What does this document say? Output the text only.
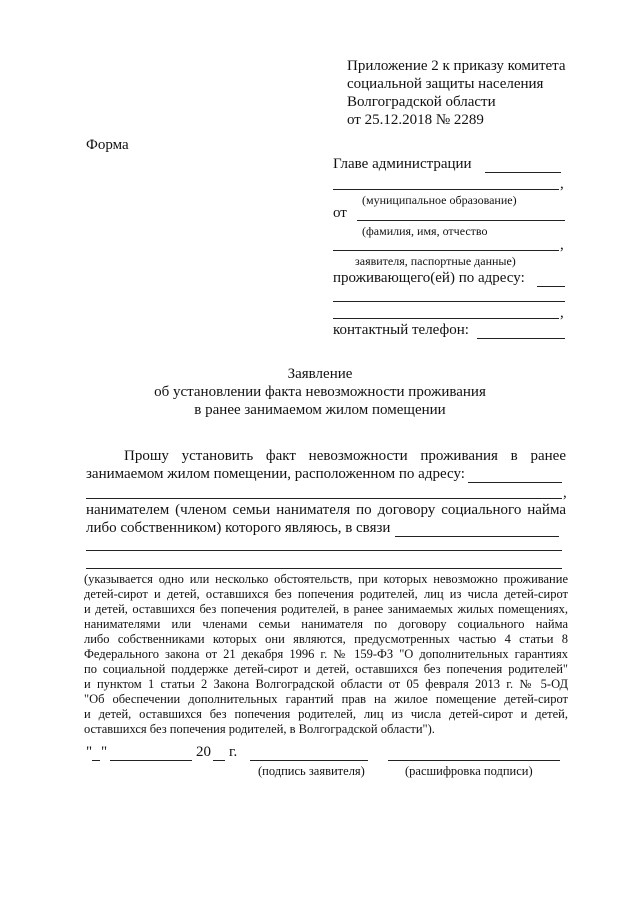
Приложение 2 к приказу комитета
социальной защиты населения
Волгоградской области
от 25.12.2018 № 2289
Форма
Главе администрации
,
(муниципальное образование)
от
(фамилия, имя, отчество
,
заявителя, паспортные данные)
проживающего(ей) по адресу:
,
контактный телефон:
Заявление
об установлении факта невозможности проживания
в ранее занимаемом жилом помещении
Прошу установить факт невозможности проживания в ранее
занимаемом жилом помещении, расположенном по адресу:
,
нанимателем (членом семьи нанимателя по договору социального найма
либо собственником) которого являюсь, в связи
(указывается одно или несколько обстоятельств, при которых невозможно проживание
детей-сирот и детей, оставшихся без попечения родителей, лиц из числа детей-сирот
и детей, оставшихся без попечения родителей, в ранее занимаемых жилых помещениях,
нанимателями или членами семьи нанимателя по договору социального найма
либо собственниками которых они являются, предусмотренных частью 4 статьи 8
Федерального закона от 21 декабря 1996 г. № 159-ФЗ "О дополнительных гарантиях
по социальной поддержке детей-сирот и детей, оставшихся без попечения родителей"
и пунктом 1 статьи 2 Закона Волгоградской области от 05 февраля 2013 г. № 5-ОД
"Об обеспечении дополнительных гарантий прав на жилое помещение детей-сирот
и детей, оставшихся без попечения родителей, лиц из числа детей-сирот и детей,
оставшихся без попечения родителей, в Волгоградской области").
" "	20 г.
(подпись заявителя)	(расшифровка подписи)
